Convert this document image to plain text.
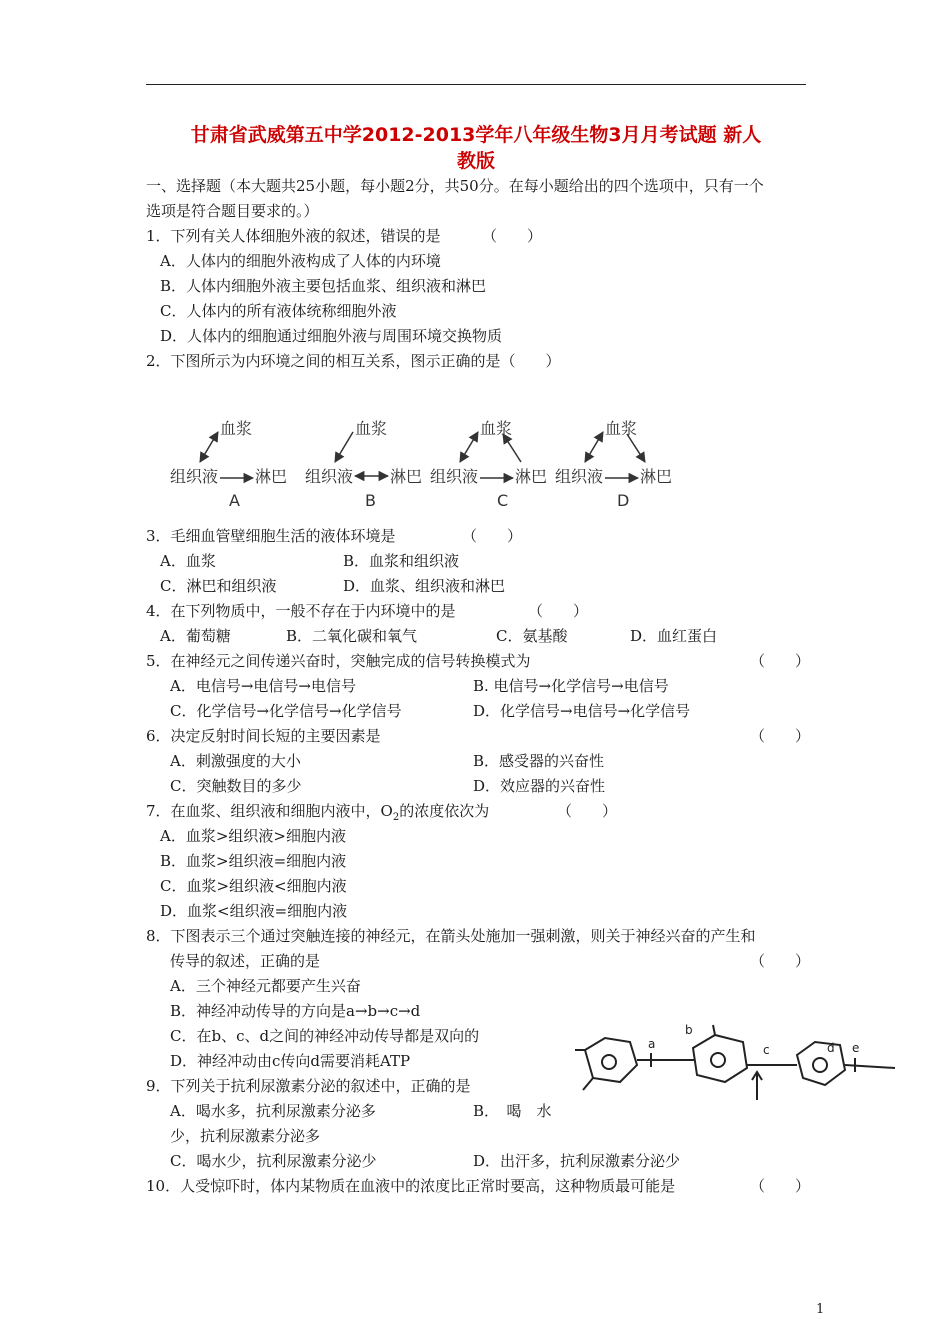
甘肃省武威第五中学2012-2013学年八年级生物3月月考试题 新人
教版
一、选择题（本大题共25小题，每小题2分，共50分。在每小题给出的四个选项中，只有一个
选项是符合题目要求的。）
1．下列有关人体细胞外液的叙述，错误的是	（　　）
A．人体内的细胞外液构成了人体的内环境
B．人体内细胞外液主要包括血浆、组织液和淋巴
C．人体内的所有液体统称细胞外液
D．人体内的细胞通过细胞外液与周围环境交换物质
2．下图所示为内环境之间的相互关系，图示正确的是（　　）
血浆
组织液 淋巴
A
血浆
组织液 淋巴
B
血浆
组织液 淋巴
C
血浆
组织液 淋巴
D
3．毛细血管壁细胞生活的液体环境是	（　　）
A．血浆	B．血浆和组织液
C．淋巴和组织液	D．血浆、组织液和淋巴
4．在下列物质中，一般不存在于内环境中的是	（　　）
A．葡萄糖	B．二氧化碳和氧气	C．氨基酸	D．血红蛋白
5．在神经元之间传递兴奋时，突触完成的信号转换模式为	（　　）
A．电信号→电信号→电信号	B. 电信号→化学信号→电信号
C．化学信号→化学信号→化学信号	D．化学信号→电信号→化学信号
6．决定反射时间长短的主要因素是	（　　）
A．刺激强度的大小	B．感受器的兴奋性
C．突触数目的多少	D．效应器的兴奋性
7．在血浆、组织液和细胞内液中，$O_2$的浓度依次为	（　　）
A．血浆>组织液>细胞内液
B．血浆>组织液=细胞内液
C．血浆>组织液<细胞内液
D．血浆<组织液=细胞内液
8．下图表示三个通过突触连接的神经元，在箭头处施加一强刺激，则关于神经兴奋的产生和
传导的叙述，正确的是	（　　）
A．三个神经元都要产生兴奋
B．神经冲动传导的方向是a→b→c→d
C．在b、c、d之间的神经冲动传导都是双向的
D．神经冲动由c传向d需要消耗ATP
a
b
c	d e
9．下列关于抗利尿激素分泌的叙述中，正确的是
A．喝水多，抗利尿激素分泌多	B．　喝　水
少，抗利尿激素分泌多
C．喝水少，抗利尿激素分泌少	D．出汗多，抗利尿激素分泌少
10．人受惊吓时，体内某物质在血液中的浓度比正常时要高，这种物质最可能是	（　　）
1
